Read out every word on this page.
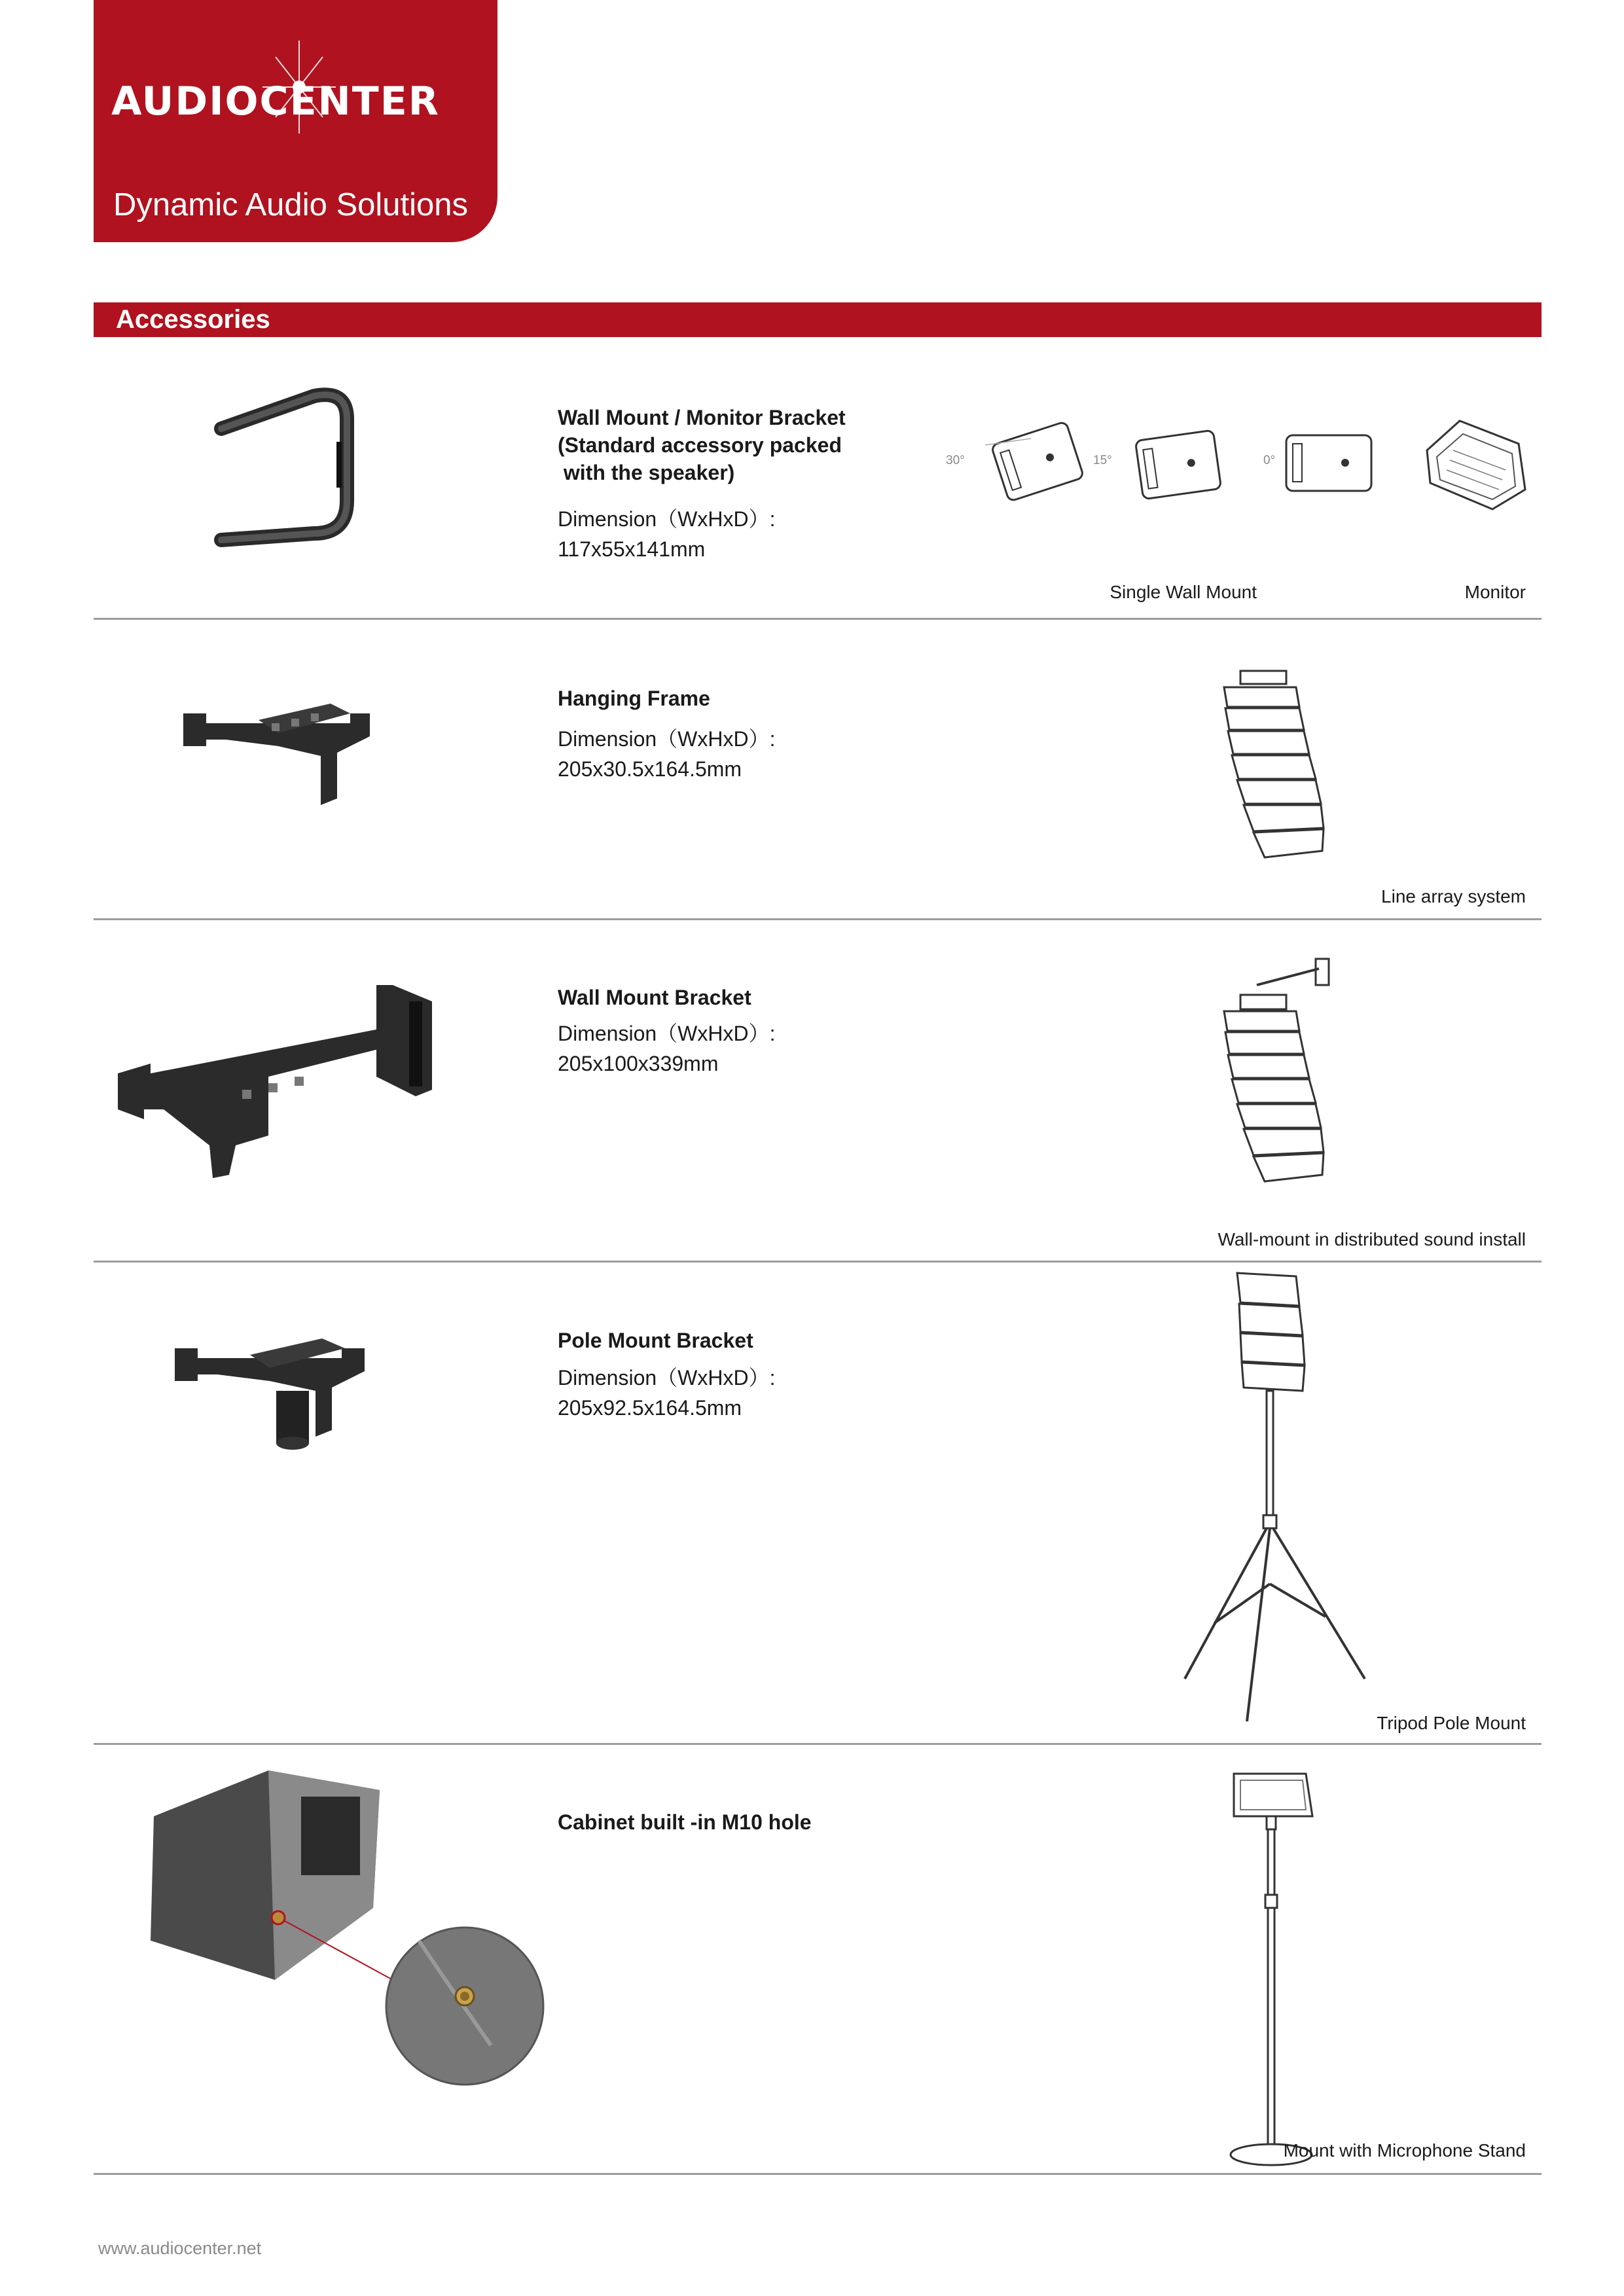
AUDIOCENTER
Dynamic Audio Solutions
Accessories
Wall Mount / Monitor Bracket
(Standard accessory packed
with the speaker)
Dimension（WxHxD）:
117x55x141mm
30°	15°	0°
Single Wall Mount	Monitor
Hanging Frame
Dimension（WxHxD）:
205x30.5x164.5mm
Line array system
Wall Mount Bracket
Dimension（WxHxD）:
205x100x339mm
Wall-mount in distributed sound install
Pole Mount Bracket
Dimension（WxHxD）:
205x92.5x164.5mm
Tripod Pole Mount
Cabinet built -in M10 hole
Mount with Microphone Stand
www.audiocenter.net
